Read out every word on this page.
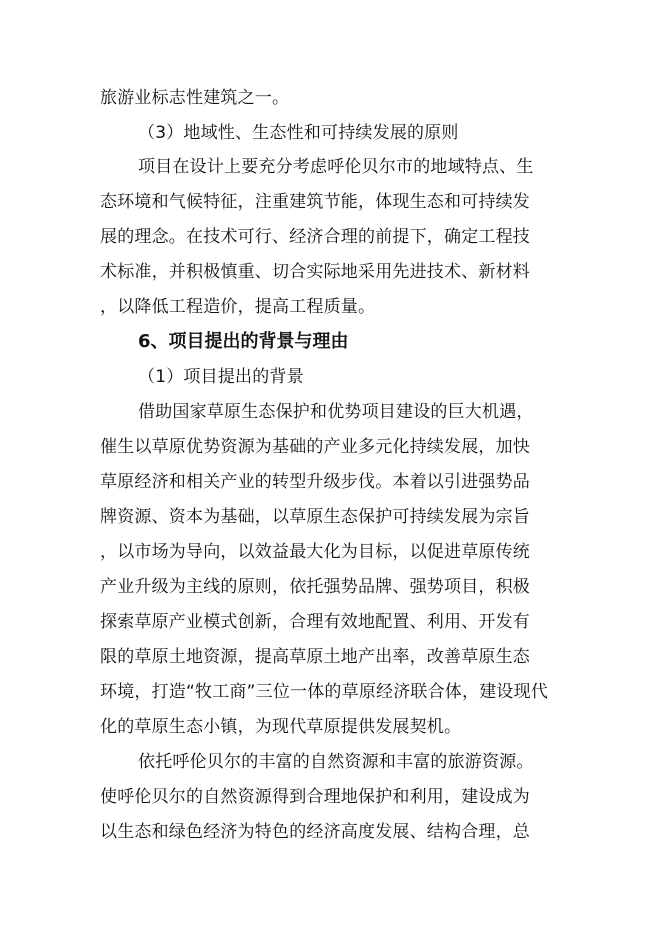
旅游业标志性建筑之一。
（3）地域性、生态性和可持续发展的原则
项目在设计上要充分考虑呼伦贝尔市的地域特点、生
态环境和气候特征，注重建筑节能，体现生态和可持续发
展的理念。在技术可行、经济合理的前提下，确定工程技
术标准，并积极慎重、切合实际地采用先进技术、新材料
，以降低工程造价，提高工程质量。
6、项目提出的背景与理由
（1）项目提出的背景
借助国家草原生态保护和优势项目建设的巨大机遇，
催生以草原优势资源为基础的产业多元化持续发展，加快
草原经济和相关产业的转型升级步伐。本着以引进强势品
牌资源、资本为基础，以草原生态保护可持续发展为宗旨
，以市场为导向，以效益最大化为目标，以促进草原传统
产业升级为主线的原则，依托强势品牌、强势项目，积极
探索草原产业模式创新，合理有效地配置、利用、开发有
限的草原土地资源，提高草原土地产出率，改善草原生态
环境，打造“牧工商”三位一体的草原经济联合体，建设现代
化的草原生态小镇，为现代草原提供发展契机。
依托呼伦贝尔的丰富的自然资源和丰富的旅游资源。
使呼伦贝尔的自然资源得到合理地保护和利用，建设成为
以生态和绿色经济为特色的经济高度发展、结构合理，总
